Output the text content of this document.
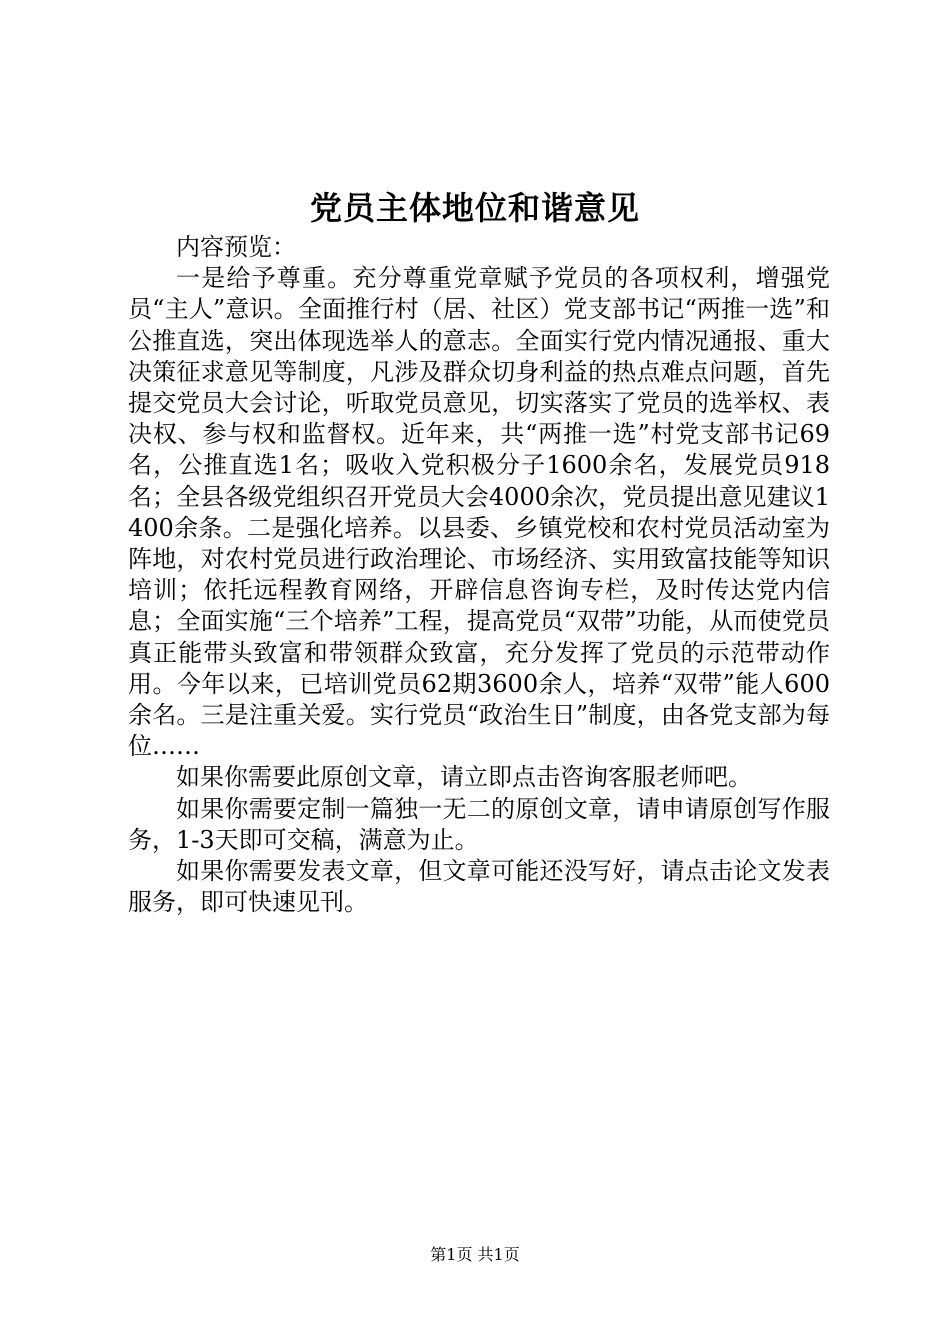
党员主体地位和谐意见

内容预览：

一是给予尊重。充分尊重党章赋予党员的各项权利，增强党员“主人”意识。全面推行村（居、社区）党支部书记“两推一选”和公推直选，突出体现选举人的意志。全面实行党内情况通报、重大决策征求意见等制度，凡涉及群众切身利益的热点难点问题，首先提交党员大会讨论，听取党员意见，切实落实了党员的选举权、表决权、参与权和监督权。近年来，共“两推一选”村党支部书记69名，公推直选1名；吸收入党积极分子1600余名，发展党员918名；全县各级党组织召开党员大会4000余次，党员提出意见建议1400余条。二是强化培养。以县委、乡镇党校和农村党员活动室为阵地，对农村党员进行政治理论、市场经济、实用致富技能等知识培训；依托远程教育网络，开辟信息咨询专栏，及时传达党内信息；全面实施“三个培养”工程，提高党员“双带”功能，从而使党员真正能带头致富和带领群众致富，充分发挥了党员的示范带动作用。今年以来，已培训党员62期3600余人，培养“双带”能人600余名。三是注重关爱。实行党员“政治生日”制度，由各党支部为每位……

如果你需要此原创文章，请立即点击咨询客服老师吧。

如果你需要定制一篇独一无二的原创文章，请申请原创写作服务，1-3天即可交稿，满意为止。

如果你需要发表文章，但文章可能还没写好，请点击论文发表服务，即可快速见刊。

第1页 共1页
